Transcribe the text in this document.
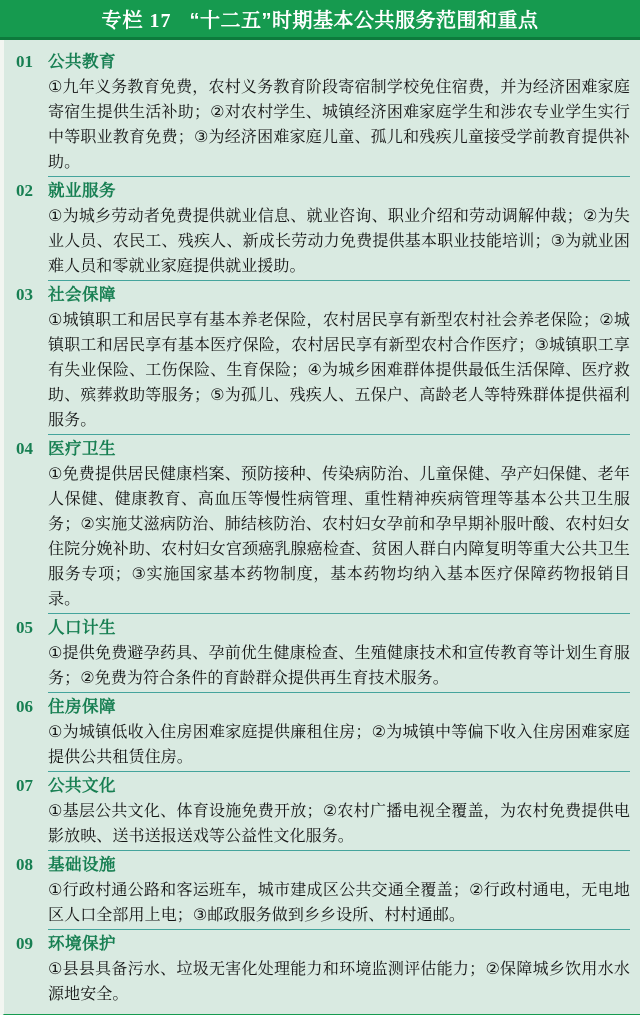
专栏 17 “十二五”时期基本公共服务范围和重点
01 公共教育

①九年义务教育免费，农村义务教育阶段寄宿制学校免住宿费，并为经济困难家庭寄宿生提供生活补助；②对农村学生、城镇经济困难家庭学生和涉农专业学生实行中等职业教育免费；③为经济困难家庭儿童、孤儿和残疾儿童接受学前教育提供补助。

02 就业服务

①为城乡劳动者免费提供就业信息、就业咨询、职业介绍和劳动调解仲裁；②为失业人员、农民工、残疾人、新成长劳动力免费提供基本职业技能培训；③为就业困难人员和零就业家庭提供就业援助。

03 社会保障

①城镇职工和居民享有基本养老保险，农村居民享有新型农村社会养老保险；②城镇职工和居民享有基本医疗保险，农村居民享有新型农村合作医疗；③城镇职工享有失业保险、工伤保险、生育保险；④为城乡困难群体提供最低生活保障、医疗救助、殡葬救助等服务；⑤为孤儿、残疾人、五保户、高龄老人等特殊群体提供福利服务。

04 医疗卫生

①免费提供居民健康档案、预防接种、传染病防治、儿童保健、孕产妇保健、老年人保健、健康教育、高血压等慢性病管理、重性精神疾病管理等基本公共卫生服务；②实施艾滋病防治、肺结核防治、农村妇女孕前和孕早期补服叶酸、农村妇女住院分娩补助、农村妇女宫颈癌乳腺癌检查、贫困人群白内障复明等重大公共卫生服务专项；③实施国家基本药物制度，基本药物均纳入基本医疗保障药物报销目录。

05 人口计生

①提供免费避孕药具、孕前优生健康检查、生殖健康技术和宣传教育等计划生育服务；②免费为符合条件的育龄群众提供再生育技术服务。

06 住房保障

①为城镇低收入住房困难家庭提供廉租住房；②为城镇中等偏下收入住房困难家庭提供公共租赁住房。

07 公共文化

①基层公共文化、体育设施免费开放；②农村广播电视全覆盖，为农村免费提供电影放映、送书送报送戏等公益性文化服务。

08 基础设施

①行政村通公路和客运班车，城市建成区公共交通全覆盖；②行政村通电，无电地区人口全部用上电；③邮政服务做到乡乡设所、村村通邮。

09 环境保护

①县县具备污水、垃圾无害化处理能力和环境监测评估能力；②保障城乡饮用水水源地安全。
